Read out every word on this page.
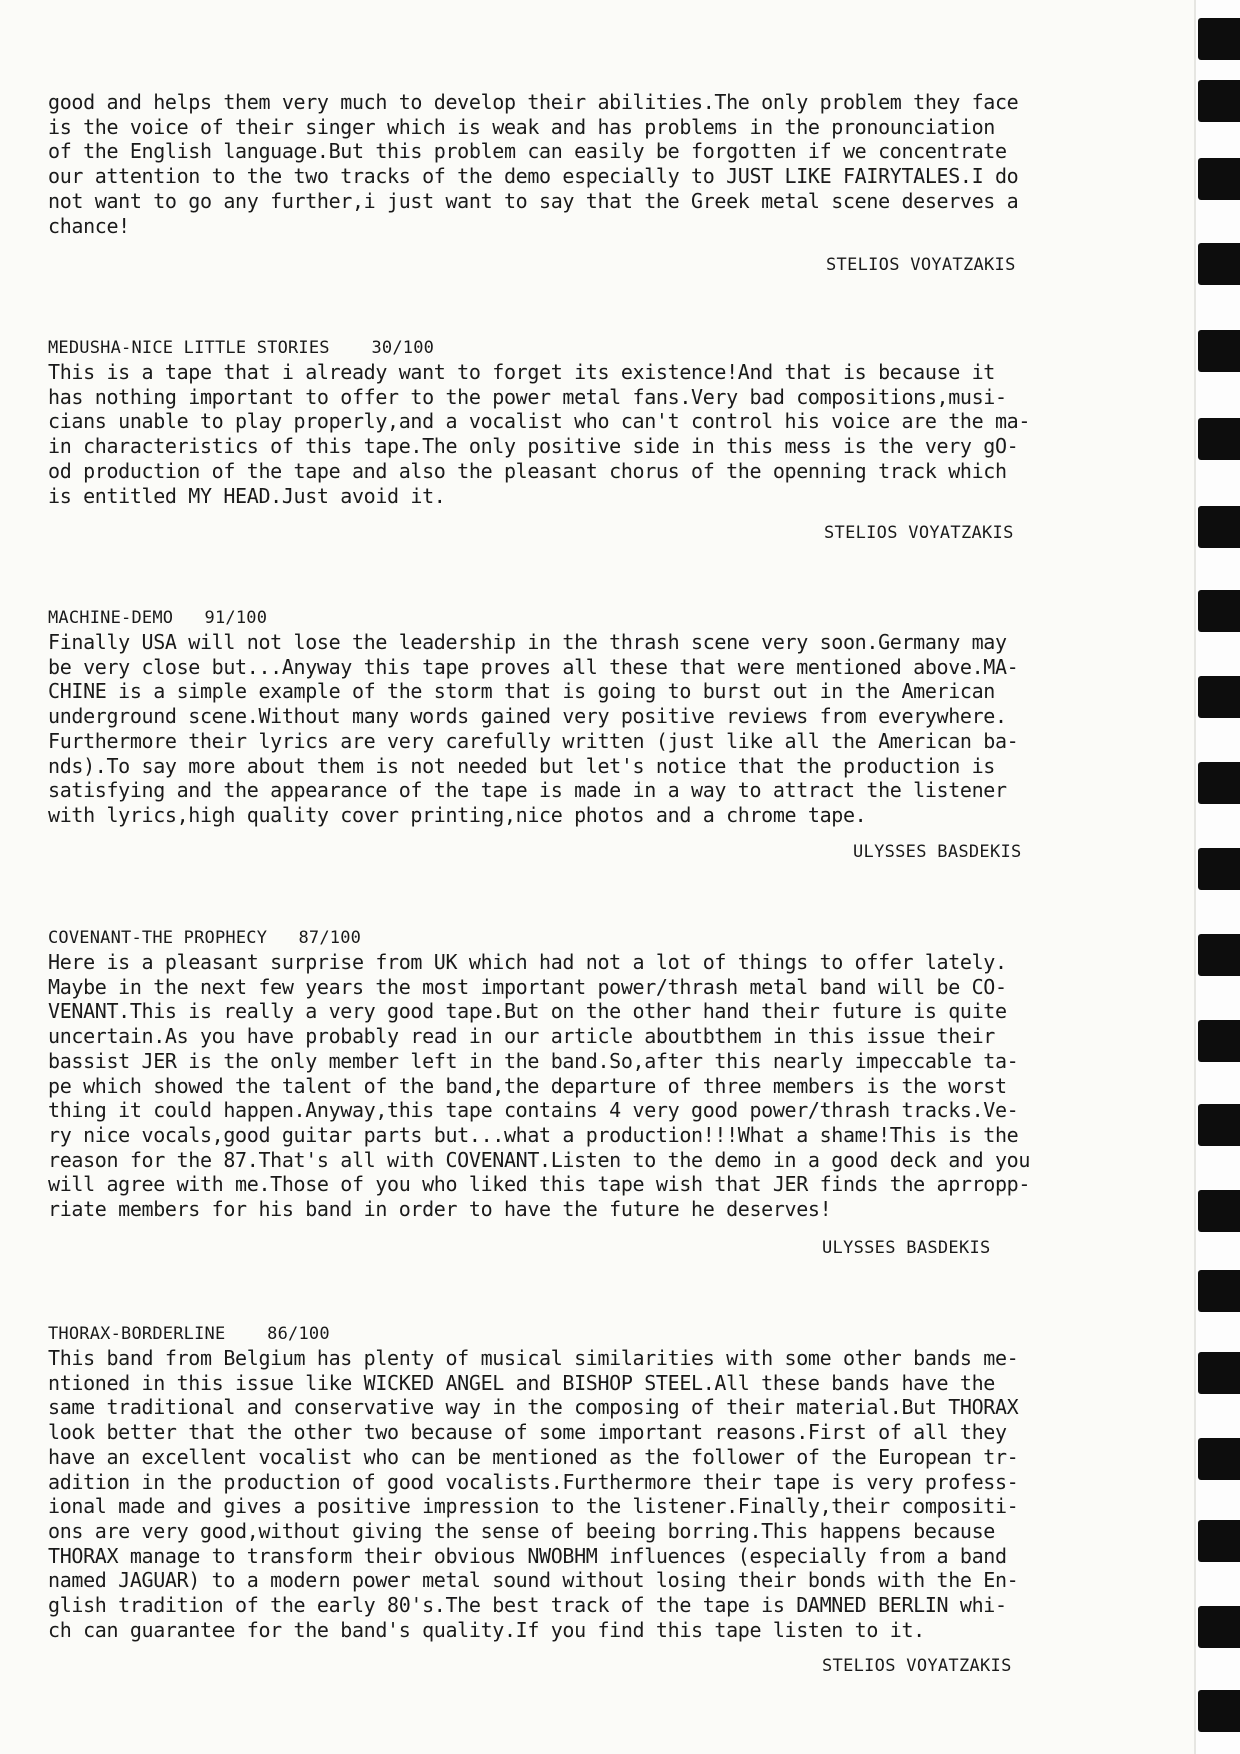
good and helps them very much to develop their abilities.The only problem they face

is the voice of their singer which is weak and has problems in the pronounciation

of the English language.But this problem can easily be forgotten if we concentrate

our attention to the two tracks of the demo especially to JUST LIKE FAIRYTALES.I do

not want to go any further,i just want to say that the Greek metal scene deserves a

chance!

STELIOS VOYATZAKIS
MEDUSHA-NICE LITTLE STORIES 30/100

This is a tape that i already want to forget its existence!And that is because it

has nothing important to offer to the power metal fans.Very bad compositions,musi-

cians unable to play properly,and a vocalist who can't control his voice are the ma-

in characteristics of this tape.The only positive side in this mess is the very gO-

od production of the tape and also the pleasant chorus of the openning track which

is entitled MY HEAD.Just avoid it.

STELIOS VOYATZAKIS
MACHINE-DEMO 91/100

Finally USA will not lose the leadership in the thrash scene very soon.Germany may

be very close but...Anyway this tape proves all these that were mentioned above.MA-

CHINE is a simple example of the storm that is going to burst out in the American

underground scene.Without many words gained very positive reviews from everywhere.

Furthermore their lyrics are very carefully written (just like all the American ba-

nds).To say more about them is not needed but let's notice that the production is

satisfying and the appearance of the tape is made in a way to attract the listener

with lyrics,high quality cover printing,nice photos and a chrome tape.

ULYSSES BASDEKIS
COVENANT-THE PROPHECY 87/100

Here is a pleasant surprise from UK which had not a lot of things to offer lately.

Maybe in the next few years the most important power/thrash metal band will be CO-

VENANT.This is really a very good tape.But on the other hand their future is quite

uncertain.As you have probably read in our article aboutbthem in this issue their

bassist JER is the only member left in the band.So,after this nearly impeccable ta-

pe which showed the talent of the band,the departure of three members is the worst

thing it could happen.Anyway,this tape contains 4 very good power/thrash tracks.Ve-

ry nice vocals,good guitar parts but...what a production!!!What a shame!This is the

reason for the 87.That's all with COVENANT.Listen to the demo in a good deck and you

will agree with me.Those of you who liked this tape wish that JER finds the aprropp-

riate members for his band in order to have the future he deserves!

ULYSSES BASDEKIS
THORAX-BORDERLINE 86/100

This band from Belgium has plenty of musical similarities with some other bands me-

ntioned in this issue like WICKED ANGEL and BISHOP STEEL.All these bands have the

same traditional and conservative way in the composing of their material.But THORAX

look better that the other two because of some important reasons.First of all they

have an excellent vocalist who can be mentioned as the follower of the European tr-

adition in the production of good vocalists.Furthermore their tape is very profess-

ional made and gives a positive impression to the listener.Finally,their compositi-

ons are very good,without giving the sense of beeing borring.This happens because

THORAX manage to transform their obvious NWOBHM influences (especially from a band

named JAGUAR) to a modern power metal sound without losing their bonds with the En-

glish tradition of the early 80's.The best track of the tape is DAMNED BERLIN whi-

ch can guarantee for the band's quality.If you find this tape listen to it.

STELIOS VOYATZAKIS
